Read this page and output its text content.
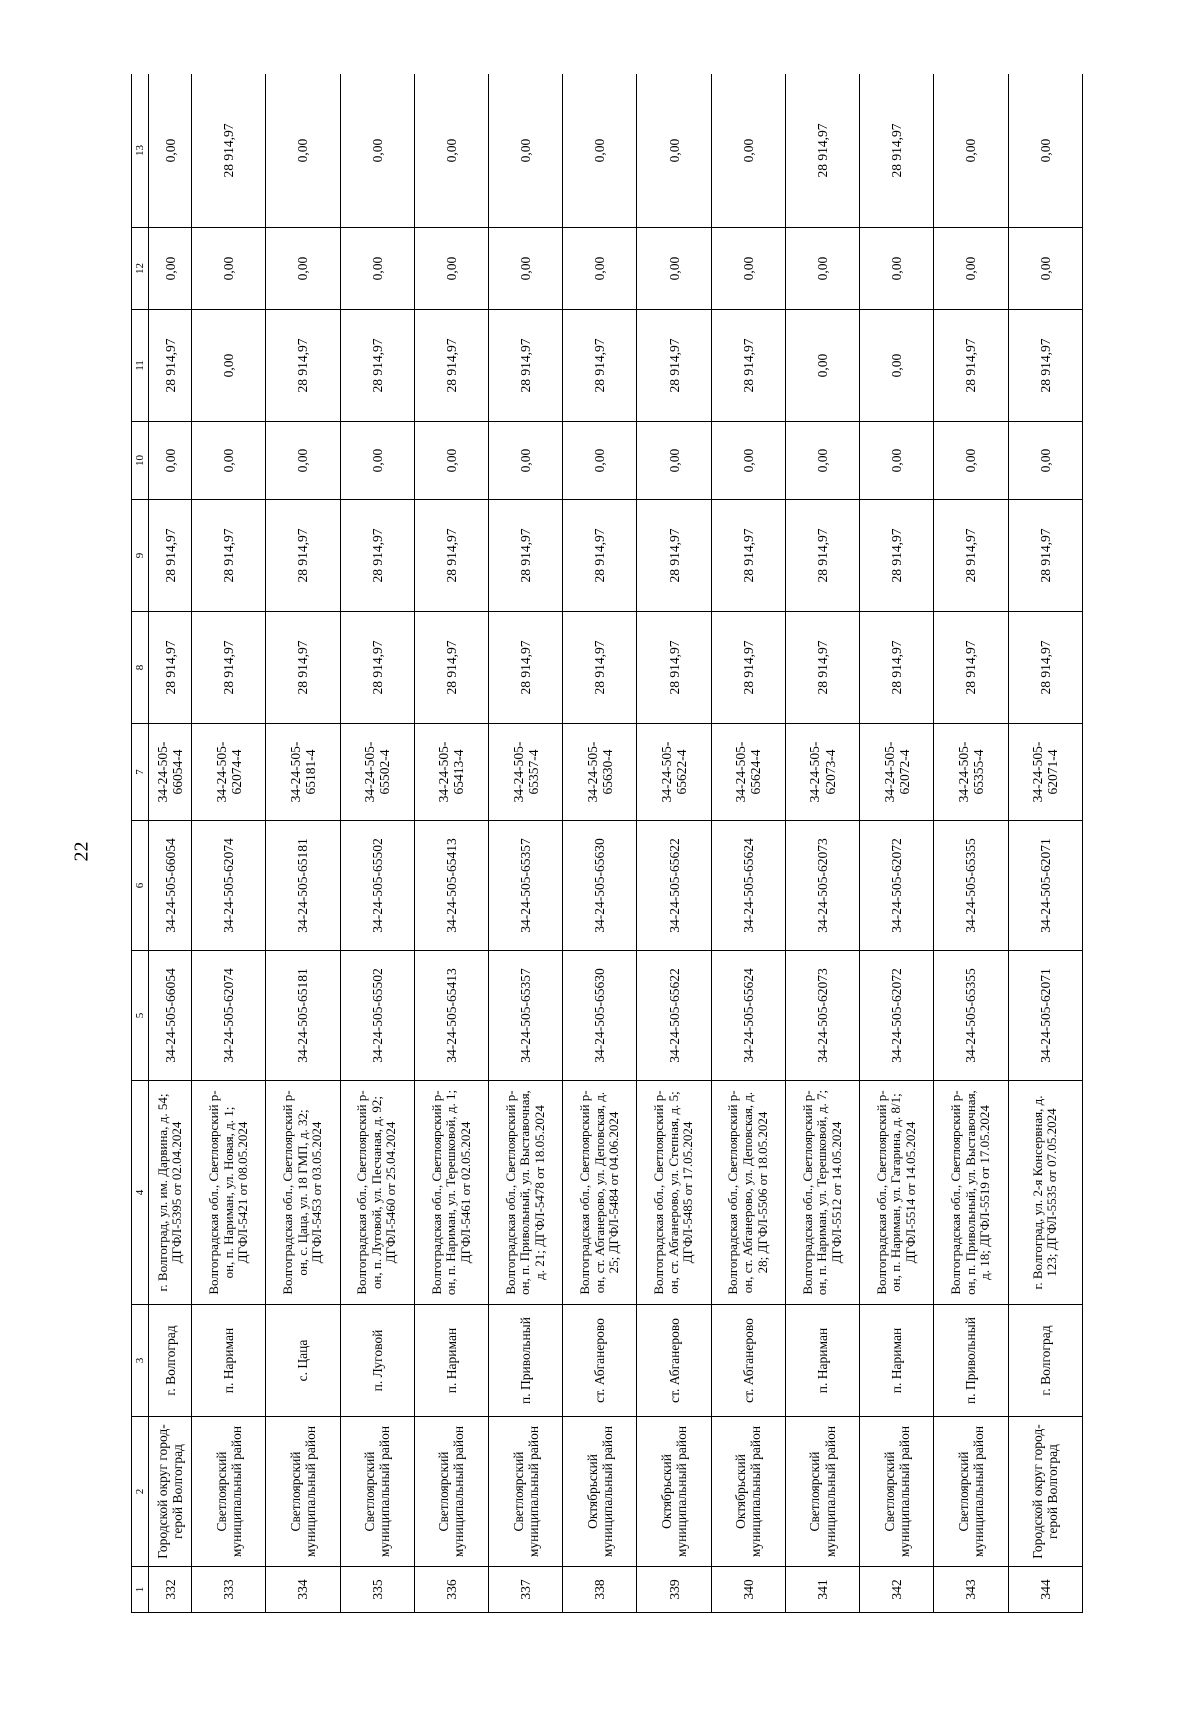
22
1	2	3	4	5	6	7	8	9	10	11	12	13
332	Городской округ город-герой Волгоград	г. Волгоград	г. Волгоград, ул. им. Дарвина, д. 54; ДГФЛ-5395 от 02.04.2024	34-24-505-66054	34-24-505-66054	34-24-505-66054-4	28 914,97	28 914,97	0,00	28 914,97	0,00	0,00
333	Светлоярский муниципальный район	п. Нариман	Волгоградская обл., Светлоярский р-он, п. Нариман, ул. Новая, д. 1; ДГФЛ-5421 от 08.05.2024	34-24-505-62074	34-24-505-62074	34-24-505-62074-4	28 914,97	28 914,97	0,00	0,00	0,00	28 914,97
334	Светлоярский муниципальный район	с. Цаца	Волгоградская обл., Светлоярский р-он, с. Цаца, ул. 18 ГМП, д. 32; ДГФЛ-5453 от 03.05.2024	34-24-505-65181	34-24-505-65181	34-24-505-65181-4	28 914,97	28 914,97	0,00	28 914,97	0,00	0,00
335	Светлоярский муниципальный район	п. Луговой	Волгоградская обл., Светлоярский р-он, п. Луговой, ул. Песчаная, д. 92; ДГФЛ-5460 от 25.04.2024	34-24-505-65502	34-24-505-65502	34-24-505-65502-4	28 914,97	28 914,97	0,00	28 914,97	0,00	0,00
336	Светлоярский муниципальный район	п. Нариман	Волгоградская обл., Светлоярский р-он, п. Нариман, ул. Терешковой, д. 1; ДГФЛ-5461 от 02.05.2024	34-24-505-65413	34-24-505-65413	34-24-505-65413-4	28 914,97	28 914,97	0,00	28 914,97	0,00	0,00
337	Светлоярский муниципальный район	п. Привольный	Волгоградская обл., Светлоярский р-он, п. Привольный, ул. Выставочная, д. 21; ДГФЛ-5478 от 18.05.2024	34-24-505-65357	34-24-505-65357	34-24-505-65357-4	28 914,97	28 914,97	0,00	28 914,97	0,00	0,00
338	Октябрьский муниципальный район	ст. Абганерово	Волгоградская обл., Светлоярский р-он, ст. Абганерово, ул. Деповская, д. 25; ДГФЛ-5484 от 04.06.2024	34-24-505-65630	34-24-505-65630	34-24-505-65630-4	28 914,97	28 914,97	0,00	28 914,97	0,00	0,00
339	Октябрьский муниципальный район	ст. Абганерово	Волгоградская обл., Светлоярский р-он, ст. Абганерово, ул. Степная, д. 5; ДГФЛ-5485 от 17.05.2024	34-24-505-65622	34-24-505-65622	34-24-505-65622-4	28 914,97	28 914,97	0,00	28 914,97	0,00	0,00
340	Октябрьский муниципальный район	ст. Абганерово	Волгоградская обл., Светлоярский р-он, ст. Абганерово, ул. Деповская, д. 28; ДГФЛ-5506 от 18.05.2024	34-24-505-65624	34-24-505-65624	34-24-505-65624-4	28 914,97	28 914,97	0,00	28 914,97	0,00	0,00
341	Светлоярский муниципальный район	п. Нариман	Волгоградская обл., Светлоярский р-он, п. Нариман, ул. Терешковой, д. 7; ДГФЛ-5512 от 14.05.2024	34-24-505-62073	34-24-505-62073	34-24-505-62073-4	28 914,97	28 914,97	0,00	0,00	0,00	28 914,97
342	Светлоярский муниципальный район	п. Нариман	Волгоградская обл., Светлоярский р-он, п. Нариман, ул. Гагарина, д. 8/1; ДГФЛ-5514 от 14.05.2024	34-24-505-62072	34-24-505-62072	34-24-505-62072-4	28 914,97	28 914,97	0,00	0,00	0,00	28 914,97
343	Светлоярский муниципальный район	п. Привольный	Волгоградская обл., Светлоярский р-он, п. Привольный, ул. Выставочная, д. 18; ДГФЛ-5519 от 17.05.2024	34-24-505-65355	34-24-505-65355	34-24-505-65355-4	28 914,97	28 914,97	0,00	28 914,97	0,00	0,00
344	Городской округ город-герой Волгоград	г. Волгоград	г. Волгоград, ул. 2-я Консервная, д. 123; ДГФЛ-5535 от 07.05.2024	34-24-505-62071	34-24-505-62071	34-24-505-62071-4	28 914,97	28 914,97	0,00	28 914,97	0,00	0,00
